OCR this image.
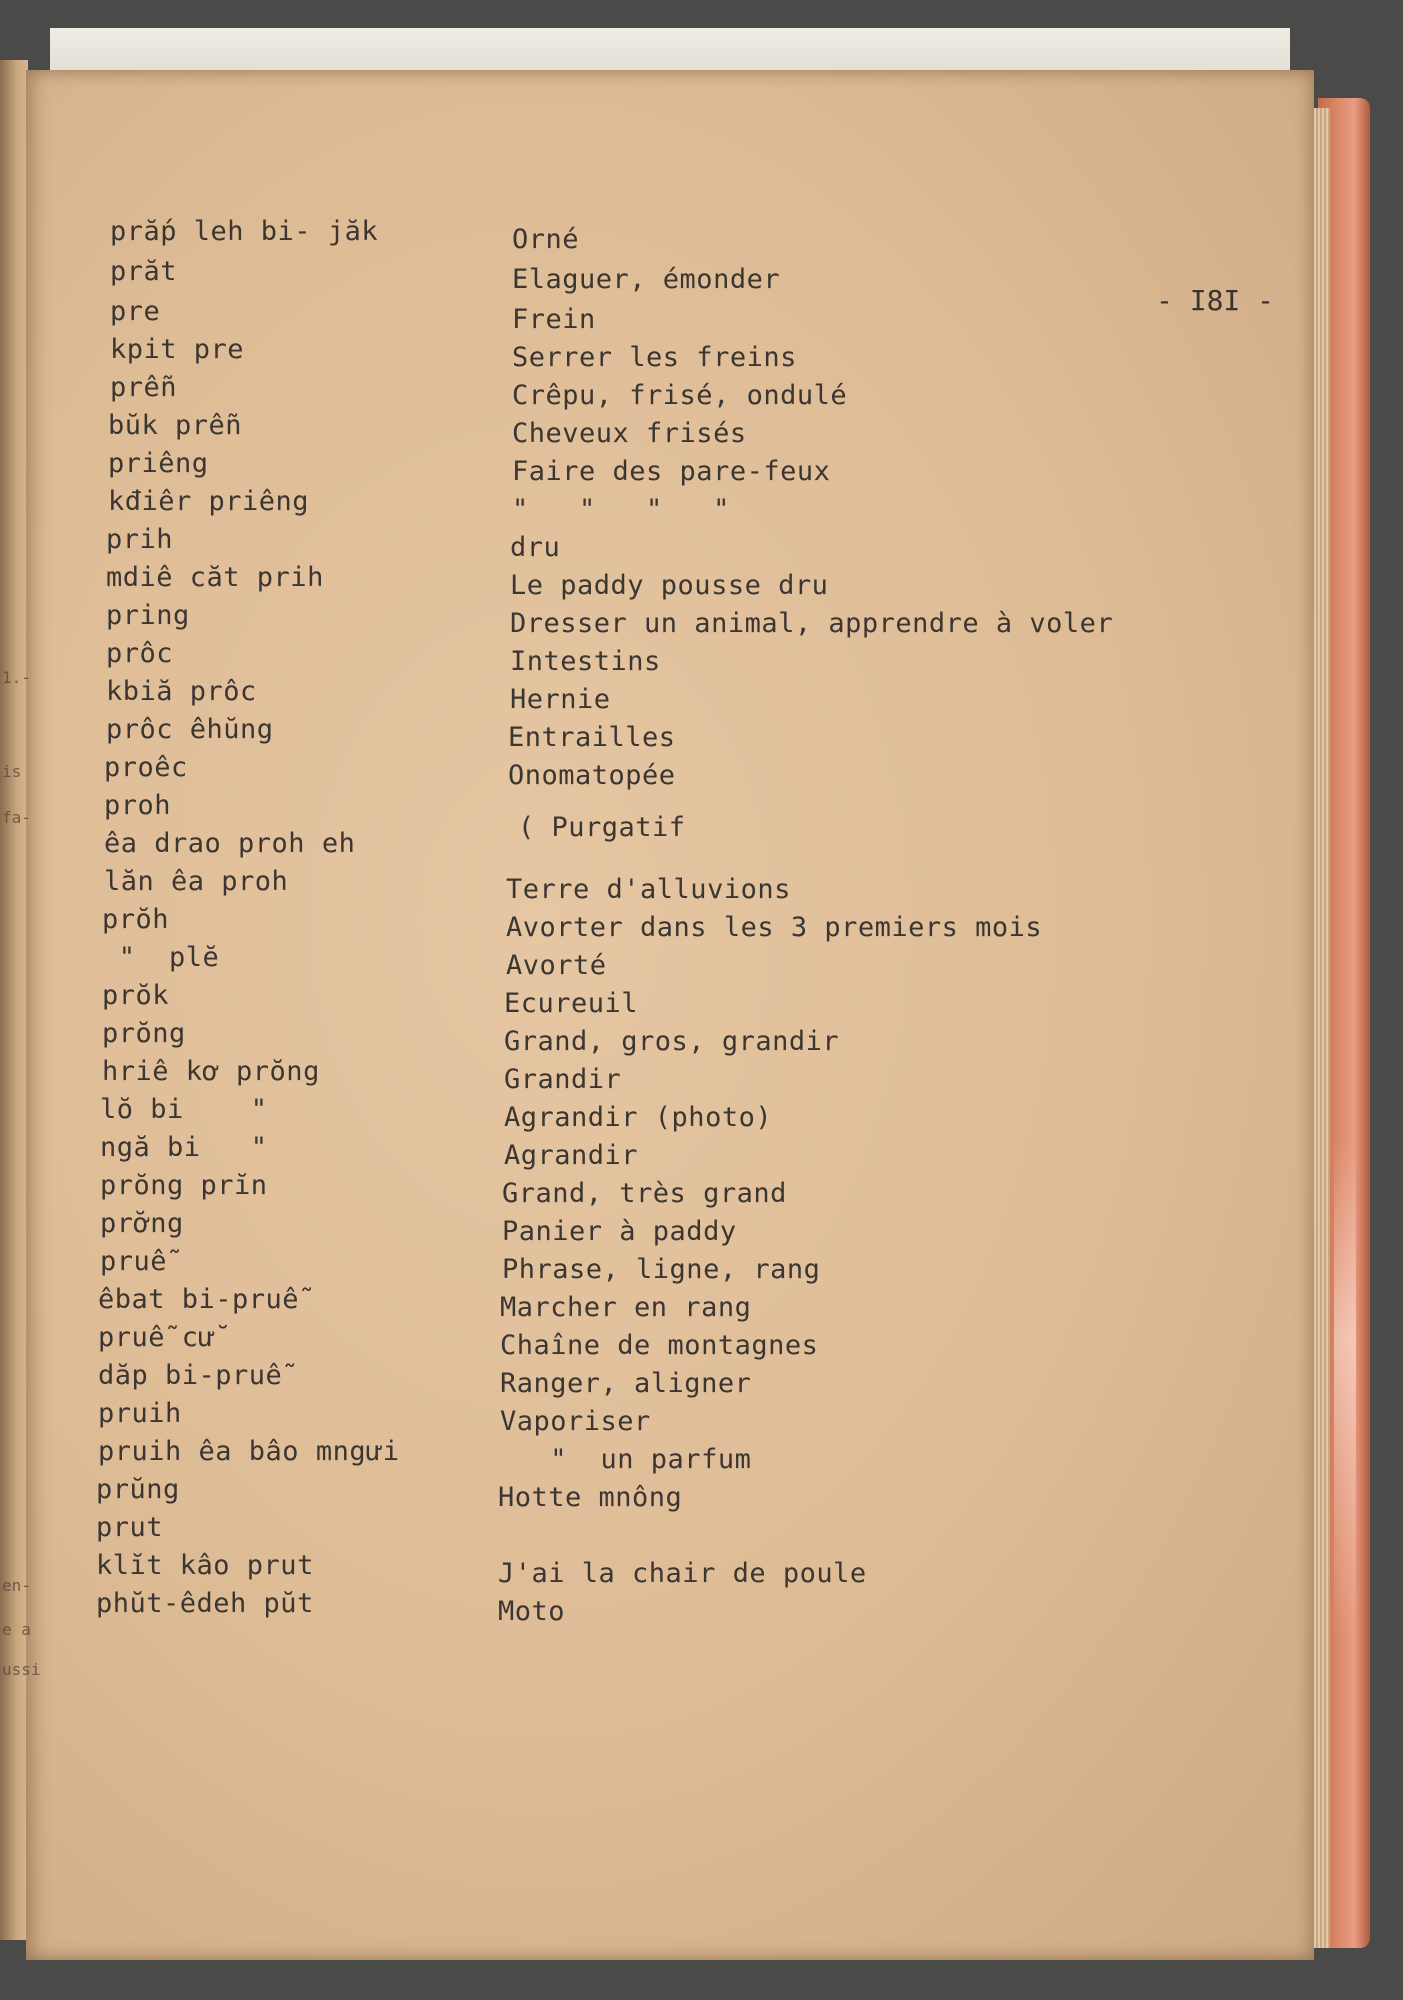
- I8I -
prắp leh bi- jăk
prăt
pre
kpit pre
prễn
bŭk prễn
priêng
kđiêr priêng
prih
mdiê căt prih
pring
prôc
kbiă prôc
prôc êhŭng
proêc
proh
êa drao proh eh
lăn êa proh
prŏh
"  plĕ
prŏk
prŏng
hriê kơ prŏng
lŏ bi    "
ngă bi   "
prŏng prĭn
prơ̆ng
pruễ
êbat bi-pruễ
pruễ cư̆
dăp bi-pruễ
pruih
pruih êa bâo mngưi
prŭng
prut
klĭt kâo prut
phŭt-êdeh pŭt
Orné
Elaguer, émonder
Frein
Serrer les freins
Crêpu, frisé, ondulé
Cheveux frisés
Faire des pare-feux
"   "   "   "
dru
Le paddy pousse dru
Dresser un animal, apprendre à voler
Intestins
Hernie
Entrailles
Onomatopée
( Purgatif
Terre d'alluvions
Avorter dans les 3 premiers mois
Avorté
Ecureuil
Grand, gros, grandir
Grandir
Agrandir (photo)
Agrandir
Grand, très grand
Panier à paddy
Phrase, ligne, rang
Marcher en rang
Chaîne de montagnes
Ranger, aligner
Vaporiser
"  un parfum
Hotte mnông
J'ai la chair de poule
Moto
1.-
is
fa-
en-
e a
ussi
